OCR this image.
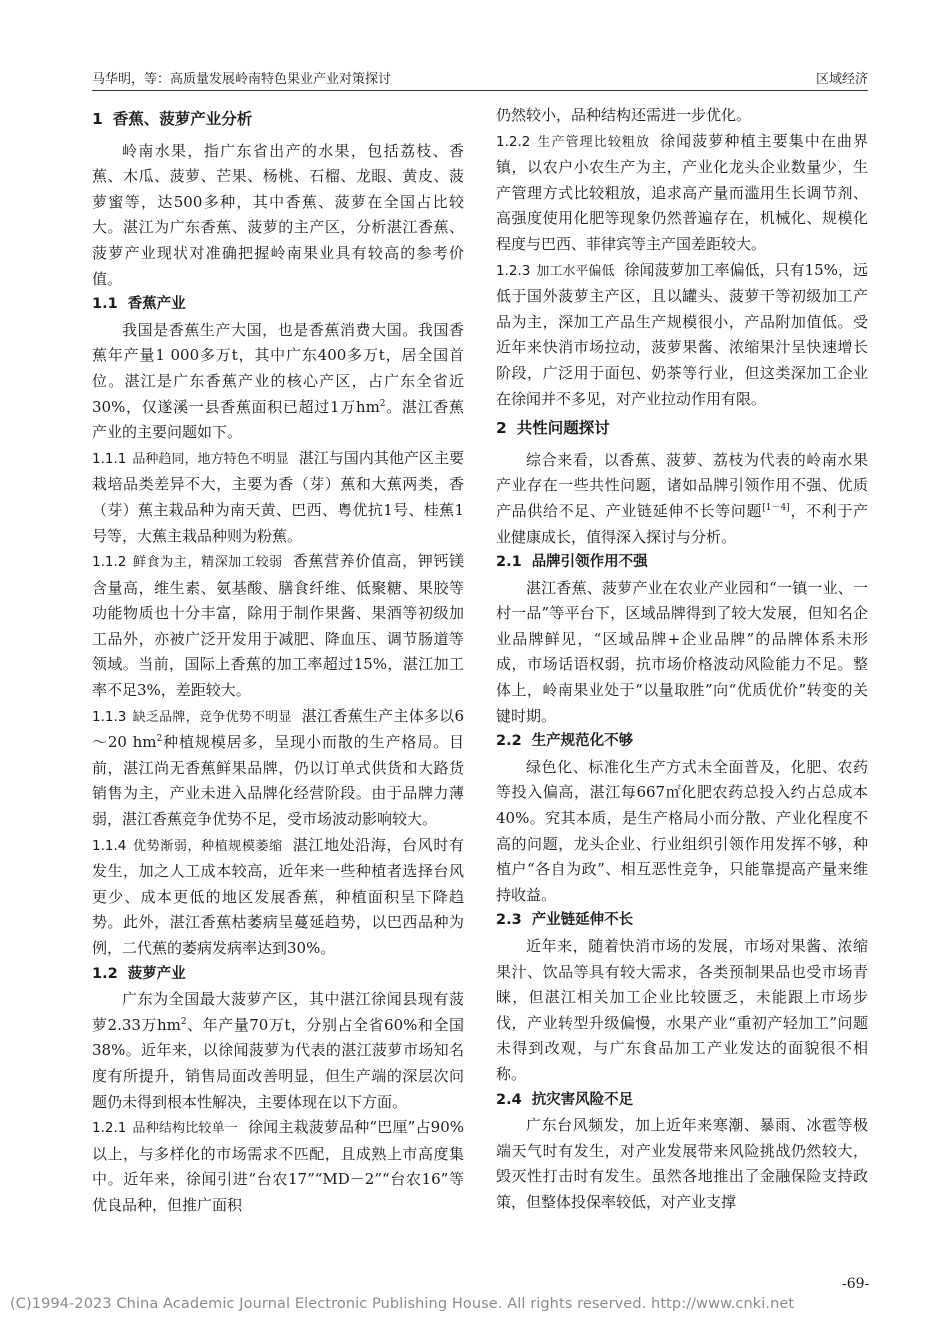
马华明，等：高质量发展岭南特色果业产业对策探讨	区域经济

1 香蕉、菠萝产业分析

岭南水果，指广东省出产的水果，包括荔枝、香蕉、木瓜、菠萝、芒果、杨桃、石榴、龙眼、黄皮、菠萝蜜等，达500多种，其中香蕉、菠萝在全国占比较大。湛江为广东香蕉、菠萝的主产区，分析湛江香蕉、菠萝产业现状对准确把握岭南果业具有较高的参考价值。

1.1 香蕉产业

我国是香蕉生产大国，也是香蕉消费大国。我国香蕉年产量1 000多万t，其中广东400多万t，居全国首位。湛江是广东香蕉产业的核心产区，占广东全省近30%，仅遂溪一县香蕉面积已超过1万$hm^2$。湛江香蕉产业的主要问题如下。

1.1.1 品种趋同，地方特色不明显 湛江与国内其他产区主要栽培品类差异不大，主要为香（芽）蕉和大蕉两类，香（芽）蕉主栽品种为南天黄、巴西、粤优抗1号、桂蕉1号等，大蕉主栽品种则为粉蕉。

1.1.2 鲜食为主，精深加工较弱 香蕉营养价值高，钾钙镁含量高，维生素、氨基酸、膳食纤维、低聚糖、果胶等功能物质也十分丰富，除用于制作果酱、果酒等初级加工品外，亦被广泛开发用于减肥、降血压、调节肠道等领域。当前，国际上香蕉的加工率超过15%，湛江加工率不足3%，差距较大。

1.1.3 缺乏品牌，竞争优势不明显 湛江香蕉生产主体多以6～20 $hm^2$种植规模居多，呈现小而散的生产格局。目前，湛江尚无香蕉鲜果品牌，仍以订单式供货和大路货销售为主，产业未进入品牌化经营阶段。由于品牌力薄弱，湛江香蕉竞争优势不足，受市场波动影响较大。

1.1.4 优势渐弱，种植规模萎缩 湛江地处沿海，台风时有发生，加之人工成本较高，近年来一些种植者选择台风更少、成本更低的地区发展香蕉，种植面积呈下降趋势。此外，湛江香蕉枯萎病呈蔓延趋势，以巴西品种为例，二代蕉的萎病发病率达到30%。

1.2 菠萝产业

广东为全国最大菠萝产区，其中湛江徐闻县现有菠萝2.33万$hm^2$、年产量70万t，分别占全省60%和全国38%。近年来，以徐闻菠萝为代表的湛江菠萝市场知名度有所提升，销售局面改善明显，但生产端的深层次问题仍未得到根本性解决，主要体现在以下方面。

1.2.1 品种结构比较单一 徐闻主栽菠萝品种“巴厘”占90%以上，与多样化的市场需求不匹配，且成熟上市高度集中。近年来，徐闻引进“台农17”“MD－2”“台农16”等优良品种，但推广面积

仍然较小，品种结构还需进一步优化。

1.2.2 生产管理比较粗放 徐闻菠萝种植主要集中在曲界镇，以农户小农生产为主，产业化龙头企业数量少，生产管理方式比较粗放，追求高产量而滥用生长调节剂、高强度使用化肥等现象仍然普遍存在，机械化、规模化程度与巴西、菲律宾等主产国差距较大。

1.2.3 加工水平偏低 徐闻菠萝加工率偏低，只有15%，远低于国外菠萝主产区，且以罐头、菠萝干等初级加工产品为主，深加工产品生产规模很小，产品附加值低。受近年来快消市场拉动，菠萝果酱、浓缩果汁呈快速增长阶段，广泛用于面包、奶茶等行业，但这类深加工企业在徐闻并不多见，对产业拉动作用有限。

2 共性问题探讨

综合来看，以香蕉、菠萝、荔枝为代表的岭南水果产业存在一些共性问题，诸如品牌引领作用不强、优质产品供给不足、产业链延伸不长等问题[1－4]，不利于产业健康成长，值得深入探讨与分析。

2.1 品牌引领作用不强

湛江香蕉、菠萝产业在农业产业园和“一镇一业、一村一品”等平台下，区域品牌得到了较大发展，但知名企业品牌鲜见，“区域品牌+企业品牌”的品牌体系未形成，市场话语权弱，抗市场价格波动风险能力不足。整体上，岭南果业处于“以量取胜”向“优质优价”转变的关键时期。

2.2 生产规范化不够

绿色化、标准化生产方式未全面普及，化肥、农药等投入偏高，湛江每667㎡化肥农药总投入约占总成本40%。究其本质，是生产格局小而分散、产业化程度不高的问题，龙头企业、行业组织引领作用发挥不够，种植户“各自为政”、相互恶性竞争，只能靠提高产量来维持收益。

2.3 产业链延伸不长

近年来，随着快消市场的发展，市场对果酱、浓缩果汁、饮品等具有较大需求，各类预制果品也受市场青睐，但湛江相关加工企业比较匮乏，未能跟上市场步伐，产业转型升级偏慢，水果产业“重初产轻加工”问题未得到改观，与广东食品加工产业发达的面貌很不相称。

2.4 抗灾害风险不足

广东台风频发，加上近年来寒潮、暴雨、冰雹等极端天气时有发生，对产业发展带来风险挑战仍然较大，毁灭性打击时有发生。虽然各地推出了金融保险支持政策，但整体投保率较低，对产业支撑

-69-
(C)1994-2023 China Academic Journal Electronic Publishing House. All rights reserved. http://www.cnki.net
